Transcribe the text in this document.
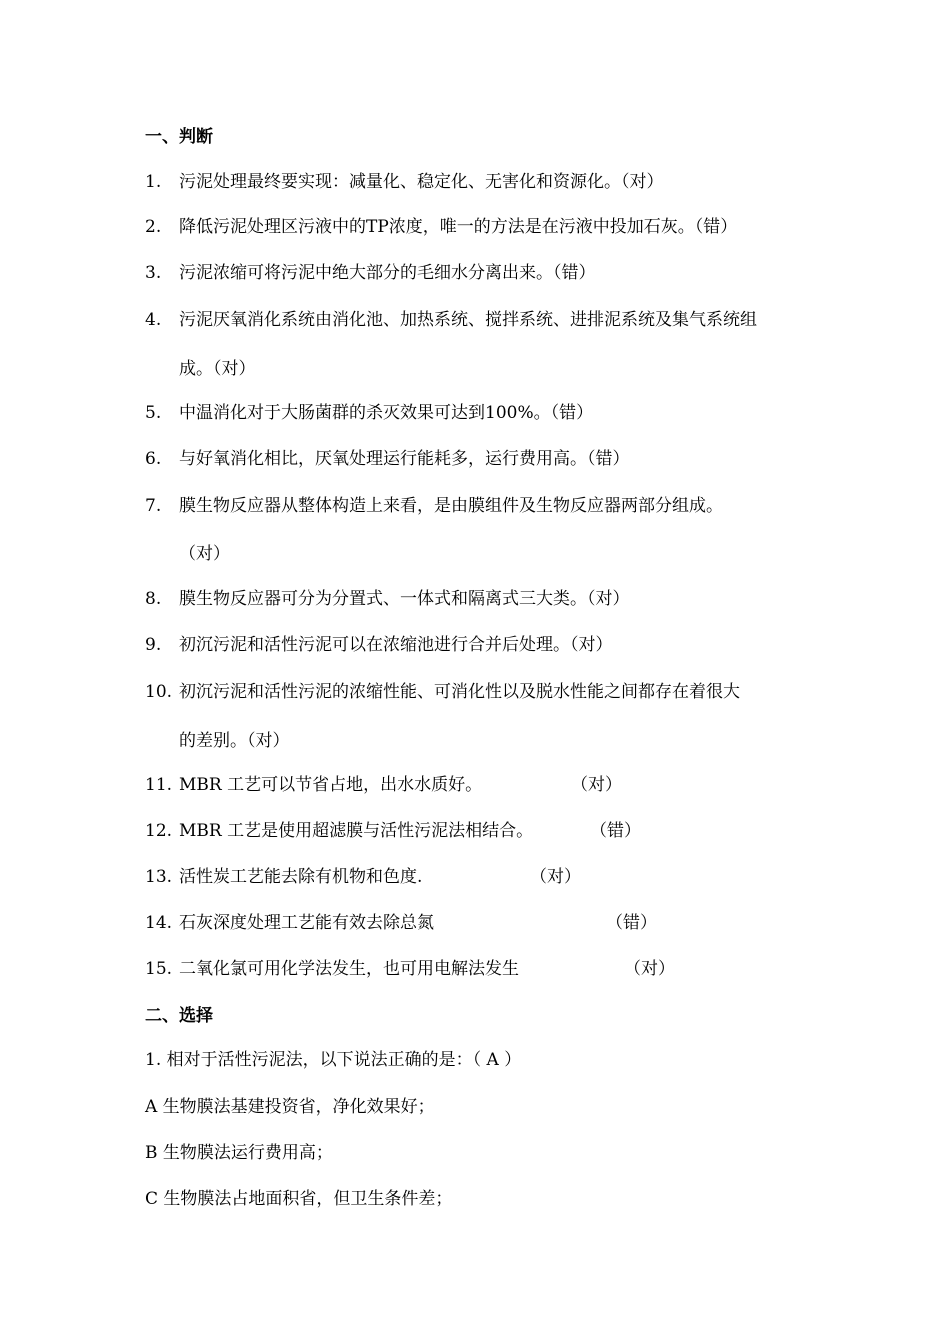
一、判断
1. 污泥处理最终要实现：减量化、稳定化、无害化和资源化。（对）
2. 降低污泥处理区污液中的TP浓度，唯一的方法是在污液中投加石灰。（错）
3. 污泥浓缩可将污泥中绝大部分的毛细水分离出来。（错）
4. 污泥厌氧消化系统由消化池、加热系统、搅拌系统、进排泥系统及集气系统组
成。（对）
5. 中温消化对于大肠菌群的杀灭效果可达到100%。（错）
6. 与好氧消化相比，厌氧处理运行能耗多，运行费用高。（错）
7. 膜生物反应器从整体构造上来看，是由膜组件及生物反应器两部分组成。
（对）
8. 膜生物反应器可分为分置式、一体式和隔离式三大类。（对）
9. 初沉污泥和活性污泥可以在浓缩池进行合并后处理。（对）
10. 初沉污泥和活性污泥的浓缩性能、可消化性以及脱水性能之间都存在着很大
的差别。（对）
11. MBR 工艺可以节省占地，出水水质好。	（对）
12. MBR 工艺是使用超滤膜与活性污泥法相结合。	（错）
13. 活性炭工艺能去除有机物和色度.	（对）
14. 石灰深度处理工艺能有效去除总氮	（错）
15. 二氧化氯可用化学法发生，也可用电解法发生	（对）
二、选择
1. 相对于活性污泥法，以下说法正确的是：（ A ）
A 生物膜法基建投资省，净化效果好；
B 生物膜法运行费用高；
C 生物膜法占地面积省，但卫生条件差；
